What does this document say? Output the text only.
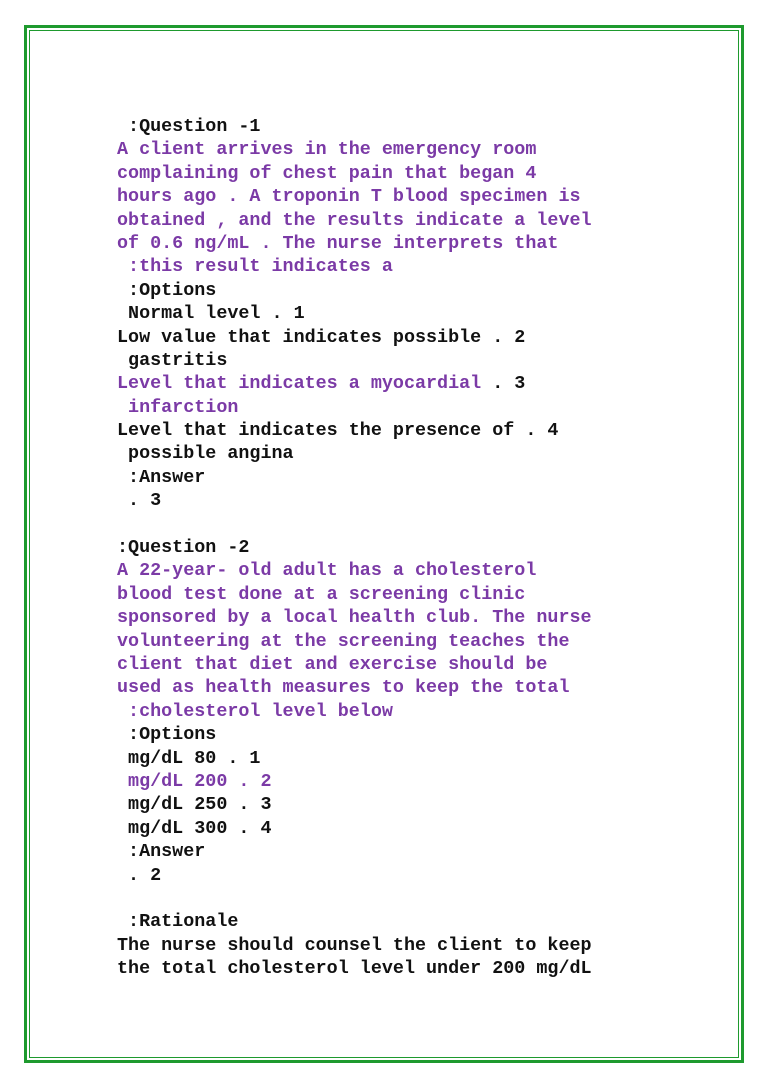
:Question -1
A client arrives in the emergency room
complaining of chest pain that began 4
hours ago . A troponin T blood specimen is
obtained , and the results indicate a level
of 0.6 ng/mL . The nurse interprets that
:this result indicates a
:Options
Normal level . 1
Low value that indicates possible . 2
gastritis
Level that indicates a myocardial . 3
infarction
Level that indicates the presence of . 4
possible angina
:Answer
. 3
:Question -2
A 22-year- old adult has a cholesterol
blood test done at a screening clinic
sponsored by a local health club. The nurse
volunteering at the screening teaches the
client that diet and exercise should be
used as health measures to keep the total
:cholesterol level below
:Options
mg/dL 80 . 1
mg/dL 200 . 2
mg/dL 250 . 3
mg/dL 300 . 4
:Answer
. 2
:Rationale
The nurse should counsel the client to keep
the total cholesterol level under 200 mg/dL
